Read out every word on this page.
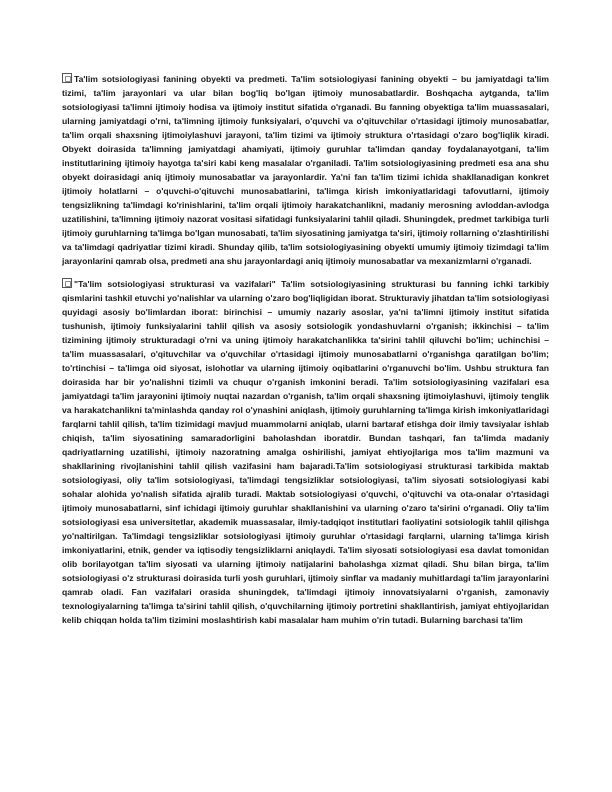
Ta'lim sotsiologiyasi fanining obyekti va predmeti. Ta'lim sotsiologiyasi fanining obyekti – bu jamiyatdagi ta'lim tizimi, ta'lim jarayonlari va ular bilan bog'liq bo'lgan ijtimoiy munosabatlardir. Boshqacha aytganda, ta'lim sotsiologiyasi ta'limni ijtimoiy hodisa va ijtimoiy institut sifatida o'rganadi. Bu fanning obyektiga ta'lim muassasalari, ularning jamiyatdagi o'rni, ta'limning ijtimoiy funksiyalari, o'quvchi va o'qituvchilar o'rtasidagi ijtimoiy munosabatlar, ta'lim orqali shaxsning ijtimoiylashuvi jarayoni, ta'lim tizimi va ijtimoiy struktura o'rtasidagi o'zaro bog'liqlik kiradi. Obyekt doirasida ta'limning jamiyatdagi ahamiyati, ijtimoiy guruhlar ta'limdan qanday foydalanayotgani, ta'lim institutlarining ijtimoiy hayotga ta'siri kabi keng masalalar o'rganiladi. Ta'lim sotsiologiyasining predmeti esa ana shu obyekt doirasidagi aniq ijtimoiy munosabatlar va jarayonlardir. Ya'ni fan ta'lim tizimi ichida shakllanadigan konkret ijtimoiy holatlarni – o'quvchi-o'qituvchi munosabatlarini, ta'limga kirish imkoniyatlaridagi tafovutlarni, ijtimoiy tengsizlikning ta'limdagi ko'rinishlarini, ta'lim orqali ijtimoiy harakatchanlikni, madaniy merosning avloddan-avlodga uzatilishini, ta'limning ijtimoiy nazorat vositasi sifatidagi funksiyalarini tahlil qiladi. Shuningdek, predmet tarkibiga turli ijtimoiy guruhlarning ta'limga bo'lgan munosabati, ta'lim siyosatining jamiyatga ta'siri, ijtimoiy rollarning o'zlashtirilishi va ta'limdagi qadriyatlar tizimi kiradi. Shunday qilib, ta'lim sotsiologiyasining obyekti umumiy ijtimoiy tizimdagi ta'lim jarayonlarini qamrab olsa, predmeti ana shu jarayonlardagi aniq ijtimoiy munosabatlar va mexanizmlarni o'rganadi.

"Ta'lim sotsiologiyasi strukturasi va vazifalari" Ta'lim sotsiologiyasining strukturasi bu fanning ichki tarkibiy qismlarini tashkil etuvchi yo'nalishlar va ularning o'zaro bog'liqligidan iborat. Strukturaviy jihatdan ta'lim sotsiologiyasi quyidagi asosiy bo'limlardan iborat: birinchisi – umumiy nazariy asoslar, ya'ni ta'limni ijtimoiy institut sifatida tushunish, ijtimoiy funksiyalarini tahlil qilish va asosiy sotsiologik yondashuvlarni o'rganish; ikkinchisi – ta'lim tizimining ijtimoiy strukturadagi o'rni va uning ijtimoiy harakatchanlikka ta'sirini tahlil qiluvchi bo'lim; uchinchisi – ta'lim muassasalari, o'qituvchilar va o'quvchilar o'rtasidagi ijtimoiy munosabatlarni o'rganishga qaratilgan bo'lim; to'rtinchisi – ta'limga oid siyosat, islohotlar va ularning ijtimoiy oqibatlarini o'rganuvchi bo'lim. Ushbu struktura fan doirasida har bir yo'nalishni tizimli va chuqur o'rganish imkonini beradi. Ta'lim sotsiologiyasining vazifalari esa jamiyatdagi ta'lim jarayonini ijtimoiy nuqtai nazardan o'rganish, ta'lim orqali shaxsning ijtimoiylashuvi, ijtimoiy tenglik va harakatchanlikni ta'minlashda qanday rol o'ynashini aniqlash, ijtimoiy guruhlarning ta'limga kirish imkoniyatlaridagi farqlarni tahlil qilish, ta'lim tizimidagi mavjud muammolarni aniqlab, ularni bartaraf etishga doir ilmiy tavsiyalar ishlab chiqish, ta'lim siyosatining samaradorligini baholashdan iboratdir. Bundan tashqari, fan ta'limda madaniy qadriyatlarning uzatilishi, ijtimoiy nazoratning amalga oshirilishi, jamiyat ehtiyojlariga mos ta'lim mazmuni va shakllarining rivojlanishini tahlil qilish vazifasini ham bajaradi.Ta'lim sotsiologiyasi strukturasi tarkibida maktab sotsiologiyasi, oliy ta'lim sotsiologiyasi, ta'limdagi tengsizliklar sotsiologiyasi, ta'lim siyosati sotsiologiyasi kabi sohalar alohida yo'nalish sifatida ajralib turadi. Maktab sotsiologiyasi o'quvchi, o'qituvchi va ota-onalar o'rtasidagi ijtimoiy munosabatlarni, sinf ichidagi ijtimoiy guruhlar shakllanishini va ularning o'zaro ta'sirini o'rganadi. Oliy ta'lim sotsiologiyasi esa universitetlar, akademik muassasalar, ilmiy-tadqiqot institutlari faoliyatini sotsiologik tahlil qilishga yo'naltirilgan. Ta'limdagi tengsizliklar sotsiologiyasi ijtimoiy guruhlar o'rtasidagi farqlarni, ularning ta'limga kirish imkoniyatlarini, etnik, gender va iqtisodiy tengsizliklarni aniqlaydi. Ta'lim siyosati sotsiologiyasi esa davlat tomonidan olib borilayotgan ta'lim siyosati va ularning ijtimoiy natijalarini baholashga xizmat qiladi. Shu bilan birga, ta'lim sotsiologiyasi o'z strukturasi doirasida turli yosh guruhlari, ijtimoiy sinflar va madaniy muhitlardagi ta'lim jarayonlarini qamrab oladi. Fan vazifalari orasida shuningdek, ta'limdagi ijtimoiy innovatsiyalarni o'rganish, zamonaviy texnologiyalarning ta'limga ta'sirini tahlil qilish, o'quvchilarning ijtimoiy portretini shakllantirish, jamiyat ehtiyojlaridan kelib chiqqan holda ta'lim tizimini moslashtirish kabi masalalar ham muhim o'rin tutadi. Bularning barchasi ta'lim
